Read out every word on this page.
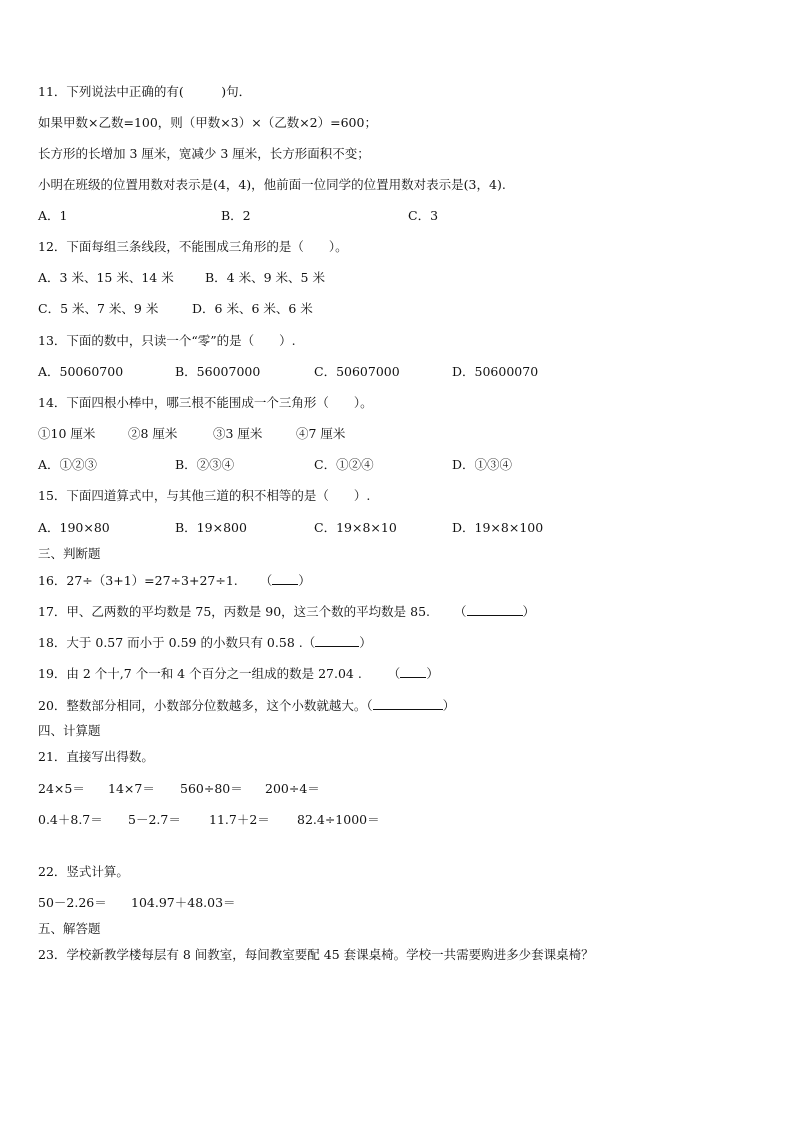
11．下列说法中正确的有(　　　)句．
如果甲数×乙数=100，则（甲数×3）×（乙数×2）=600；
长方形的长增加 3 厘米，宽减少 3 厘米，长方形面积不变；
小明在班级的位置用数对表示是(4，4)，他前面一位同学的位置用数对表示是(3，4).
A．1	B．2	C．3
12．下面每组三条线段，不能围成三角形的是（　　）。
A．3 米、15 米、14 米	B．4 米、9 米、5 米
C．5 米、7 米、9 米	D．6 米、6 米、6 米
13．下面的数中，只读一个“零”的是（　　）.
A．50060700	B．56007000	C．50607000	D．50600070
14．下面四根小棒中，哪三根不能围成一个三角形（　　）。
①10 厘米	②8 厘米	③3 厘米	④7 厘米
A．①②③	B．②③④	C．①②④	D．①③④
15．下面四道算式中，与其他三道的积不相等的是（　　）.
A．190×80	B．19×800	C．19×8×10	D．19×8×100
三、判断题
16．27÷（3+1）=27÷3+27÷1. （ ）
17．甲、乙两数的平均数是 75，丙数是 90，这三个数的平均数是 85. （	）
18．大于 0.57 而小于 0.59 的小数只有 0.58 .（	）
19．由 2 个十,7 个一和 4 个百分之一组成的数是 27.04 . （ ）
20．整数部分相同，小数部分位数越多，这个小数就越大。（	）
四、计算题
21．直接写出得数。
24×5＝ 14×7＝ 560÷80＝ 200÷4＝
0.4＋8.7＝ 5－2.7＝ 11.7＋2＝ 82.4÷1000＝
22．竖式计算。
50－2.26＝ 104.97＋48.03＝
五、解答题
23．学校新教学楼每层有 8 间教室，每间教室要配 45 套课桌椅。学校一共需要购进多少套课桌椅？
